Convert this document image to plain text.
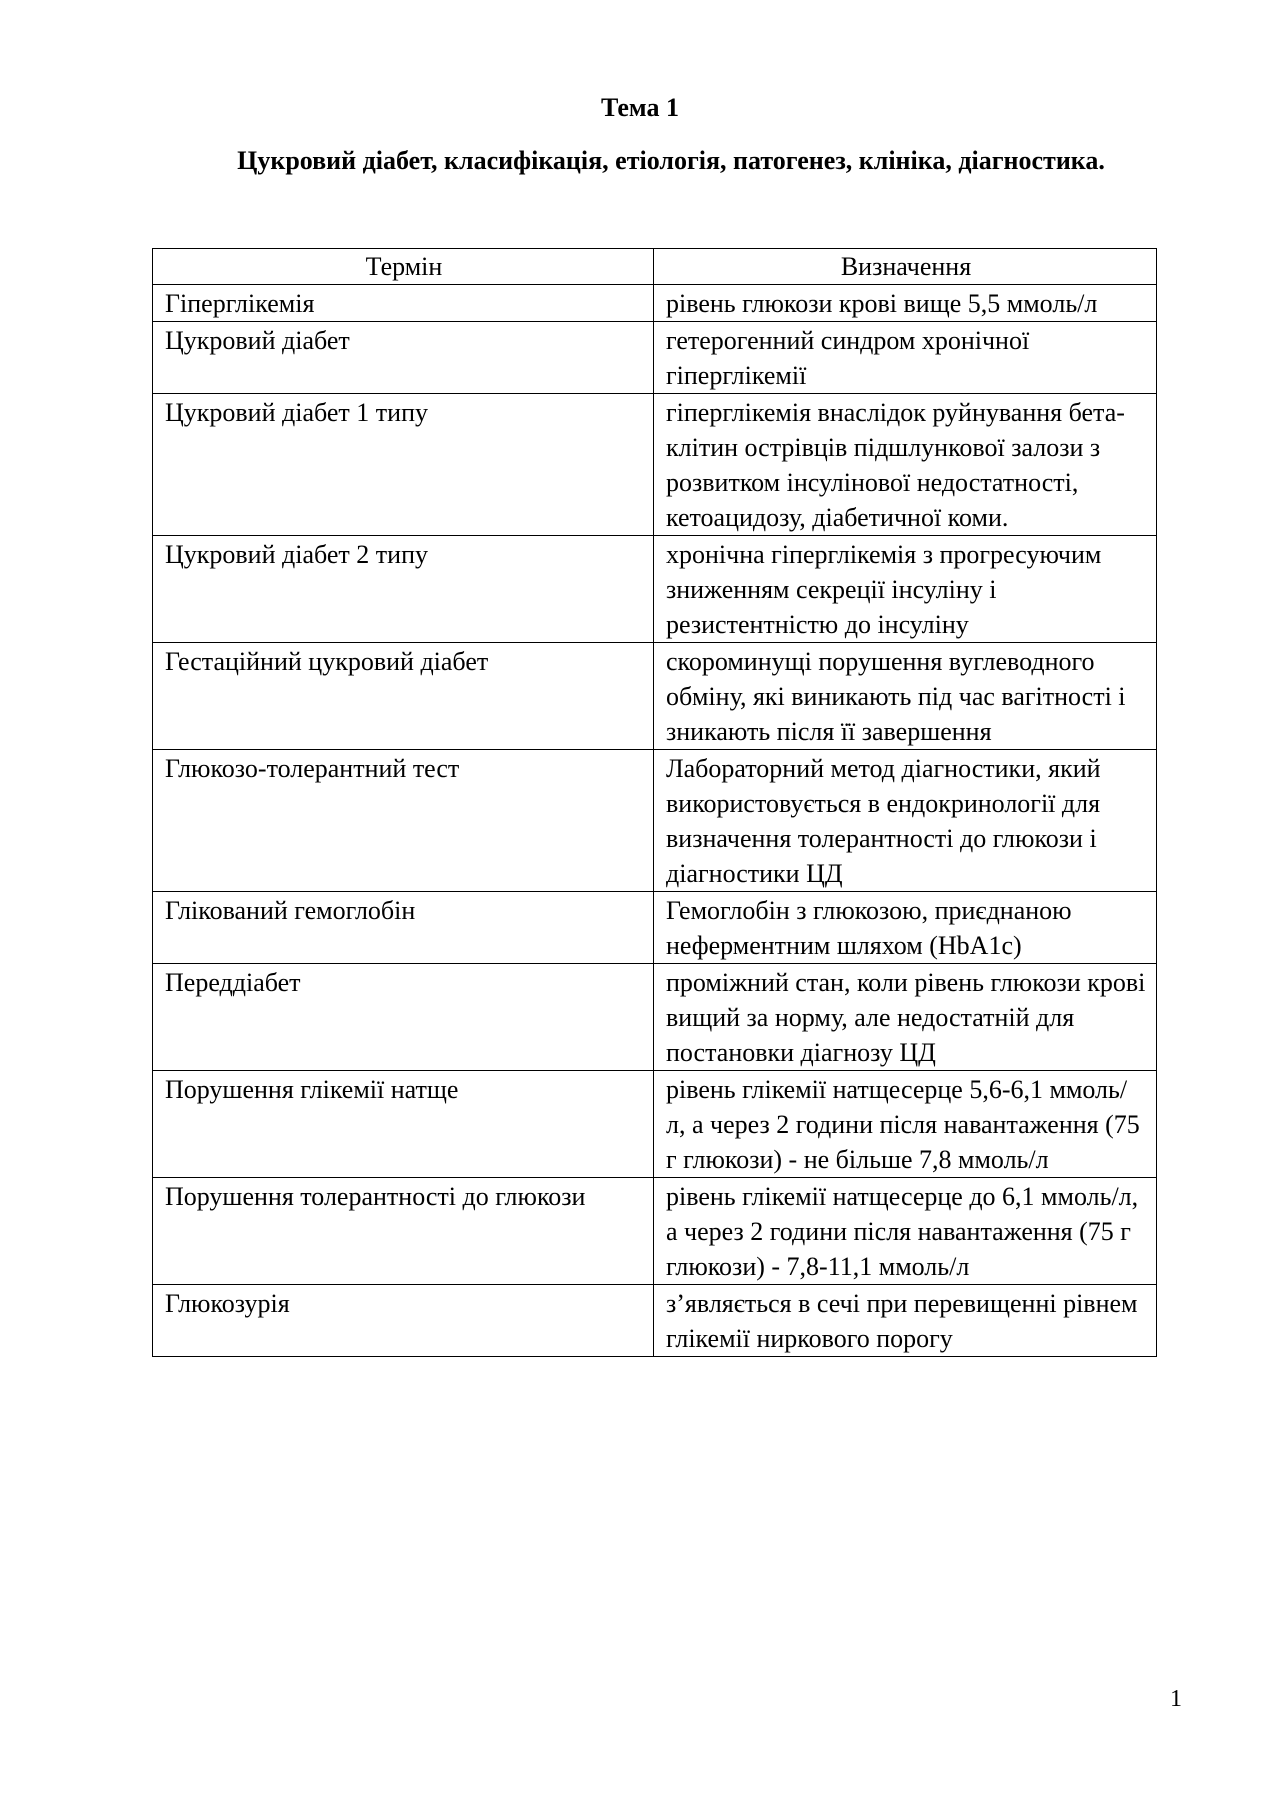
Тема 1
Цукровий діабет, класифікація, етіологія, патогенез, клініка, діагностика.
Термін	Визначення
Гіперглікемія	рівень глюкози крові вище 5,5 ммоль/л
Цукровий діабет	гетерогенний синдром хронічної гіперглікемії
Цукровий діабет 1 типу	гіперглікемія внаслідок руйнування бета-клітин острівців підшлункової залози з розвитком інсулінової недостатності, кетоацидозу, діабетичної коми.
Цукровий діабет 2 типу	хронічна гіперглікемія з прогресуючим зниженням секреції інсуліну і резистентністю до інсуліну
Гестаційний цукровий діабет	скороминущі порушення вуглеводного обміну, які виникають під час вагітності і зникають після її завершення
Глюкозо-толерантний тест	Лабораторний метод діагностики, який використовується в ендокринології для визначення толерантності до глюкози і діагностики ЦД
Глікований гемоглобін	Гемоглобін з глюкозою, приєднаною неферментним шляхом (HbA1c)
Переддіабет	проміжний стан, коли рівень глюкози крові вищий за норму, але недостатній для постановки діагнозу ЦД
Порушення глікемії натще	рівень глікемії натщесерце 5,6-6,1 ммоль/л, а через 2 години після навантаження (75 г глюкози) - не більше 7,8 ммоль/л
Порушення толерантності до глюкози	рівень глікемії натщесерце до 6,1 ммоль/л, а через 2 години після навантаження (75 г глюкози) - 7,8-11,1 ммоль/л
Глюкозурія	з’являється в сечі при перевищенні рівнем глікемії ниркового порогу
1
